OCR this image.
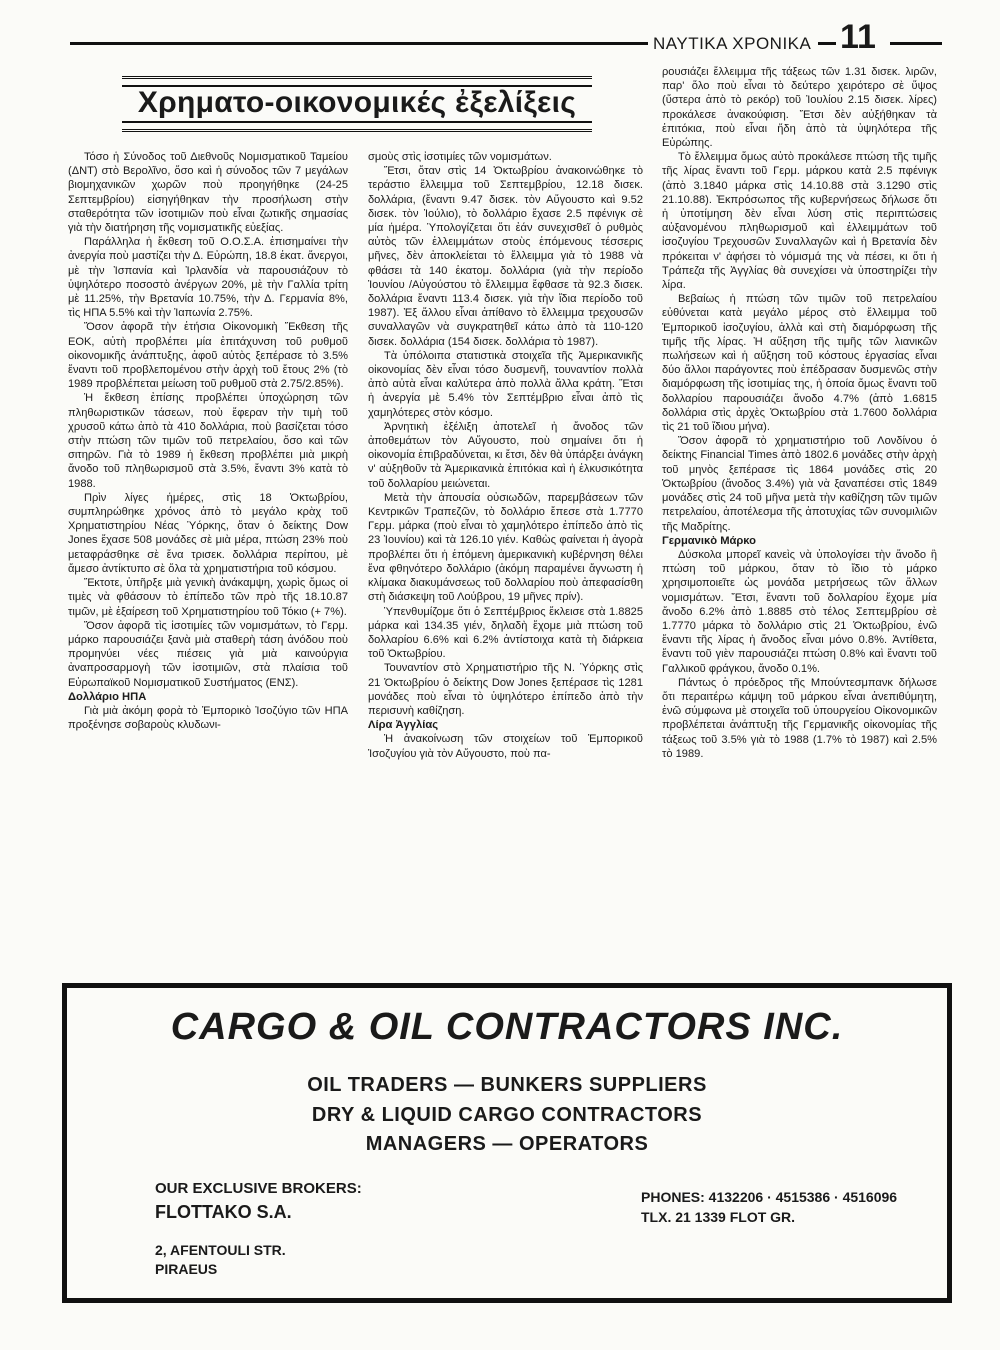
ΝΑΥΤΙΚΑ ΧΡΟΝΙΚΑ 11
Χρηματο-οικονομικές ἐξελίξεις

Τόσο ἡ Σύνοδος τοῦ Διεθνοῦς Νομισματικοῦ Ταμείου (ΔΝΤ) στὸ Βερολῖνο, ὅσο καὶ ἡ σύνοδος τῶν 7 μεγάλων βιομηχανικῶν χωρῶν ποὺ προηγήθηκε (24-25 Σεπτεμβρίου) εἰσηγήθηκαν τὴν προσήλωση στὴν σταθερότητα τῶν ἰσοτιμιῶν ποὺ εἶναι ζωτικῆς σημασίας γιὰ τὴν διατήρηση τῆς νομισματικῆς εὐεξίας.

Παράλληλα ἡ ἔκθεση τοῦ Ο.Ο.Σ.Α. ἐπισημαίνει τὴν ἀνεργία ποὺ μαστίζει τὴν Δ. Εὐρώπη, 18.8 ἑκατ. ἄνεργοι, μὲ τὴν Ἰσπανία καὶ Ἰρλανδία νὰ παρουσιάζουν τὸ ὑψηλότερο ποσοστὸ ἀνέργων 20%, μὲ τὴν Γαλλία τρίτη μὲ 11.25%, τὴν Βρετανία 10.75%, τὴν Δ. Γερμανία 8%, τὶς ΗΠΑ 5.5% καὶ τὴν Ἰαπωνία 2.75%.

Ὅσον ἀφορᾶ τὴν ἐτήσια Οἰκονομικὴ Ἔκθεση τῆς ΕΟΚ, αὐτὴ προβλέπει μία ἐπιτάχυνση τοῦ ρυθμοῦ οἰκονομικῆς ἀνάπτυξης, ἀφοῦ αὐτὸς ξεπέρασε τὸ 3.5% ἔναντι τοῦ προβλεπομένου στὴν ἀρχὴ τοῦ ἔτους 2% (τὸ 1989 προβλέπεται μείωση τοῦ ρυθμοῦ στὰ 2.75/2.85%).

Ἡ ἔκθεση ἐπίσης προβλέπει ὑποχώρηση τῶν πληθωριστικῶν τάσεων, ποὺ ἔφεραν τὴν τιμὴ τοῦ χρυσοῦ κάτω ἀπὸ τὰ 410 δολλάρια, ποὺ βασίζεται τόσο στὴν πτώση τῶν τιμῶν τοῦ πετρελαίου, ὅσο καὶ τῶν σιτηρῶν. Γιὰ τὸ 1989 ἡ ἔκθεση προβλέπει μιὰ μικρὴ ἄνοδο τοῦ πληθωρισμοῦ στὰ 3.5%, ἔναντι 3% κατὰ τὸ 1988.

Πρὶν λίγες ἡμέρες, στὶς 18 Ὀκτωβρίου, συμπληρώθηκε χρόνος ἀπὸ τὸ μεγάλο κρὰχ τοῦ Χρηματιστηρίου Νέας Ὑόρκης, ὅταν ὁ δείκτης Dow Jones ἔχασε 508 μονάδες σὲ μιὰ μέρα, πτώση 23% ποὺ μεταφράσθηκε σὲ ἕνα τρισεκ. δολλάρια περίπου, μὲ ἄμεσο ἀντίκτυπο σὲ ὅλα τὰ χρηματιστήρια τοῦ κόσμου.

Ἔκτοτε, ὑπῆρξε μιὰ γενικὴ ἀνάκαμψη, χωρὶς ὅμως οἱ τιμὲς νὰ φθάσουν τὸ ἐπίπεδο τῶν πρὸ τῆς 18.10.87 τιμῶν, μὲ ἐξαίρεση τοῦ Χρηματιστηρίου τοῦ Τόκιο (+ 7%).

Ὅσον ἀφορᾶ τὶς ἰσοτιμίες τῶν νομισμάτων, τὸ Γερμ. μάρκο παρουσιάζει ξανὰ μιὰ σταθερὴ τάση ἀνόδου ποὺ προμηνύει νέες πιέσεις γιὰ μιὰ καινούργια ἀναπροσαρμογὴ τῶν ἰσοτιμιῶν, στὰ πλαίσια τοῦ Εὐρωπαϊκοῦ Νομισματικοῦ Συστήματος (ΕΝΣ).

Δολλάριο ΗΠΑ

Γιὰ μιὰ ἀκόμη φορὰ τὸ Ἐμπορικὸ Ἰσοζύγιο τῶν ΗΠΑ προξένησε σοβαροὺς κλυδωνι-

σμοὺς στὶς ἰσοτιμίες τῶν νομισμάτων.

Ἔτσι, ὅταν στὶς 14 Ὀκτωβρίου ἀνακοινώθηκε τὸ τεράστιο ἔλλειμμα τοῦ Σεπτεμβρίου, 12.18 δισεκ. δολλάρια, (ἔναντι 9.47 δισεκ. τὸν Αὔγουστο καὶ 9.52 δισεκ. τὸν Ἰούλιο), τὸ δολλάριο ἔχασε 2.5 πφένιγκ σὲ μία ἡμέρα. Ὑπολογίζεται ὅτι ἐάν συνεχισθεῖ ὁ ρυθμὸς αὐτὸς τῶν ἐλλειμμάτων στοὺς ἑπόμενους τέσσερις μῆνες, δὲν ἀποκλείεται τὸ ἔλλειμμα γιὰ τὸ 1988 νὰ φθάσει τὰ 140 ἑκατομ. δολλάρια (γιὰ τὴν περίοδο Ἰουνίου /Αὐγούστου τὸ ἔλλειμμα ἔφθασε τὰ 92.3 δισεκ. δολλάρια ἔναντι 113.4 δισεκ. γιὰ τὴν ἴδια περίοδο τοῦ 1987). Ἐξ ἄλλου εἶναι ἀπίθανο τὸ ἔλλειμμα τρεχουσῶν συναλλαγῶν νὰ συγκρατηθεῖ κάτω ἀπὸ τὰ 110-120 δισεκ. δολλάρια (154 δισεκ. δολλάρια τὸ 1987).

Τὰ ὑπόλοιπα στατιστικὰ στοιχεῖα τῆς Ἀμερικανικῆς οἰκονομίας δὲν εἶναι τόσο δυσμενῆ, τουναντίον πολλὰ ἀπὸ αὐτὰ εἶναι καλύτερα ἀπὸ πολλὰ ἄλλα κράτη. Ἔτσι ἡ ἀνεργία μὲ 5.4% τὸν Σεπτέμβριο εἶναι ἀπὸ τὶς χαμηλότερες στὸν κόσμο.

Ἀρνητικὴ ἐξέλιξη ἀποτελεῖ ἡ ἄνοδος τῶν ἀποθεμάτων τὸν Αὔγουστο, ποὺ σημαίνει ὅτι ἡ οἰκονομία ἐπιβραδύνεται, κι ἔτσι, δὲν θὰ ὑπάρξει ἀνάγκη ν' αὐξηθοῦν τὰ Ἀμερικανικὰ ἐπιτόκια καὶ ἡ ἑλκυσικότητα τοῦ δολλαρίου μειώνεται.

Μετὰ τὴν ἀπουσία οὐσιωδῶν, παρεμβάσεων τῶν Κεντρικῶν Τραπεζῶν, τὸ δολλάριο ἔπεσε στὰ 1.7770 Γερμ. μάρκα (ποὺ εἶναι τὸ χαμηλότερο ἐπίπεδο ἀπὸ τὶς 23 Ἰουνίου) καὶ τὰ 126.10 γιέν. Καθὼς φαίνεται ἡ ἀγορὰ προβλέπει ὅτι ἡ ἑπόμενη ἀμερικανικὴ κυβέρνηση θέλει ἕνα φθηνότερο δολλάριο (ἀκόμη παραμένει ἄγνωστη ἡ κλίμακα διακυμάνσεως τοῦ δολλαρίου ποὺ ἀπεφασίσθη στὴ διάσκεψη τοῦ Λούβρου, 19 μῆνες πρίν).

Ὑπενθυμίζομε ὅτι ὁ Σεπτέμβριος ἔκλεισε στὰ 1.8825 μάρκα καὶ 134.35 γιέν, δηλαδὴ ἔχομε μιὰ πτώση τοῦ δολλαρίου 6.6% καὶ 6.2% ἀντίστοιχα κατὰ τὴ διάρκεια τοῦ Ὀκτωβρίου.

Τουναντίον στὸ Χρηματιστήριο τῆς Ν. Ὑόρκης στὶς 21 Ὀκτωβρίου ὁ δείκτης Dow Jones ξεπέρασε τὶς 1281 μονάδες ποὺ εἶναι τὸ ὑψηλότερο ἐπίπεδο ἀπὸ τὴν περισυνὴ καθίζηση.

Λίρα Ἀγγλίας

Ἡ ἀνακοίνωση τῶν στοιχείων τοῦ Ἐμπορικοῦ Ἰσοζυγίου γιὰ τὸν Αὔγουστο, ποὺ πα-

ρουσιάζει ἔλλειμμα τῆς τάξεως τῶν 1.31 δισεκ. λιρῶν, παρ' ὅλο ποὺ εἶναι τὸ δεύτερο χειρότερο σὲ ὕψος (ὕστερα ἀπὸ τὸ ρεκόρ) τοῦ Ἰουλίου 2.15 δισεκ. λίρες) προκάλεσε ἀνακούφιση. Ἔτσι δὲν αὐξήθηκαν τὰ ἐπιτόκια, ποὺ εἶναι ἤδη ἀπὸ τὰ ὑψηλότερα τῆς Εὐρώπης.

Τὸ ἔλλειμμα ὅμως αὐτὸ προκάλεσε πτώση τῆς τιμῆς τῆς λίρας ἔναντι τοῦ Γερμ. μάρκου κατὰ 2.5 πφένιγκ (ἀπὸ 3.1840 μάρκα στὶς 14.10.88 στὰ 3.1290 στὶς 21.10.88). Ἐκπρόσωπος τῆς κυβερνήσεως δήλωσε ὅτι ἡ ὑποτίμηση δὲν εἶναι λύση στὶς περιπτώσεις αὐξανομένου πληθωρισμοῦ καὶ ἐλλειμμάτων τοῦ ἰσοζυγίου Τρεχουσῶν Συναλλαγῶν καὶ ἡ Βρετανία δὲν πρόκειται ν' ἀφήσει τὸ νόμισμά της νὰ πέσει, κι ὅτι ἡ Τράπεζα τῆς Ἀγγλίας θὰ συνεχίσει νὰ ὑποστηρίζει τὴν λίρα.

Βεβαίως ἡ πτώση τῶν τιμῶν τοῦ πετρελαίου εὐθύνεται κατὰ μεγάλο μέρος στὸ ἔλλειμμα τοῦ Ἐμπορικοῦ ἰσοζυγίου, ἀλλὰ καὶ στὴ διαμόρφωση τῆς τιμῆς τῆς λίρας. Ἡ αὔξηση τῆς τιμῆς τῶν λιανικῶν πωλήσεων καὶ ἡ αὔξηση τοῦ κόστους ἐργασίας εἶναι δύο ἄλλοι παράγοντες ποὺ ἐπέδρασαν δυσμενῶς στὴν διαμόρφωση τῆς ἰσοτιμίας της, ἡ ὁποία ὅμως ἔναντι τοῦ δολλαρίου παρουσιάζει ἄνοδο 4.7% (ἀπὸ 1.6815 δολλάρια στὶς ἀρχὲς Ὀκτωβρίου στὰ 1.7600 δολλάρια τὶς 21 τοῦ ἴδιου μήνα).

Ὅσον ἀφορᾶ τὸ χρηματιστήριο τοῦ Λονδίνου ὁ δείκτης Financial Times ἀπὸ 1802.6 μονάδες στὴν ἀρχὴ τοῦ μηνὸς ξεπέρασε τὶς 1864 μονάδες στὶς 20 Ὀκτωβρίου (ἄνοδος 3.4%) γιὰ νὰ ξαναπέσει στὶς 1849 μονάδες στὶς 24 τοῦ μῆνα μετὰ τὴν καθίζηση τῶν τιμῶν πετρελαίου, ἀποτέλεσμα τῆς ἀποτυχίας τῶν συνομιλιῶν τῆς Μαδρίτης.

Γερμανικὸ Μάρκο

Δύσκολα μπορεῖ κανεὶς νὰ ὑπολογίσει τὴν ἄνοδο ἢ πτώση τοῦ μάρκου, ὅταν τὸ ἴδιο τὸ μάρκο χρησιμοποιεῖτε ὡς μονάδα μετρήσεως τῶν ἄλλων νομισμάτων. Ἔτσι, ἔναντι τοῦ δολλαρίου ἔχομε μία ἄνοδο 6.2% ἀπὸ 1.8885 στὸ τέλος Σεπτεμβρίου σὲ 1.7770 μάρκα τὸ δολλάριο στὶς 21 Ὀκτωβρίου, ἐνῶ ἔναντι τῆς λίρας ἡ ἄνοδος εἶναι μόνο 0.8%. Ἀντίθετα, ἔναντι τοῦ γιὲν παρουσιάζει πτώση 0.8% καὶ ἔναντι τοῦ Γαλλικοῦ φράγκου, ἄνοδο 0.1%.

Πάντως ὁ πρόεδρος τῆς Μπούντεσμπανκ δήλωσε ὅτι περαιτέρω κάμψη τοῦ μάρκου εἶναι ἀνεπιθύμητη, ἐνῶ σύμφωνα μὲ στοιχεῖα τοῦ ὑπουργείου Οἰκονομικῶν προβλέπεται ἀνάπτυξη τῆς Γερμανικῆς οἰκονομίας τῆς τάξεως τοῦ 3.5% γιὰ τὸ 1988 (1.7% τὸ 1987) καὶ 2.5% τὸ 1989.

CARGO & OIL CONTRACTORS INC.
OIL TRADERS — BUNKERS SUPPLIERS
DRY & LIQUID CARGO CONTRACTORS
MANAGERS — OPERATORS
OUR EXCLUSIVE BROKERS:
FLOTTAKO S.A.
2, AFENTOULI STR.
PIRAEUS
PHONES: 4132206 · 4515386 · 4516096
TLX. 21 1339 FLOT GR.
